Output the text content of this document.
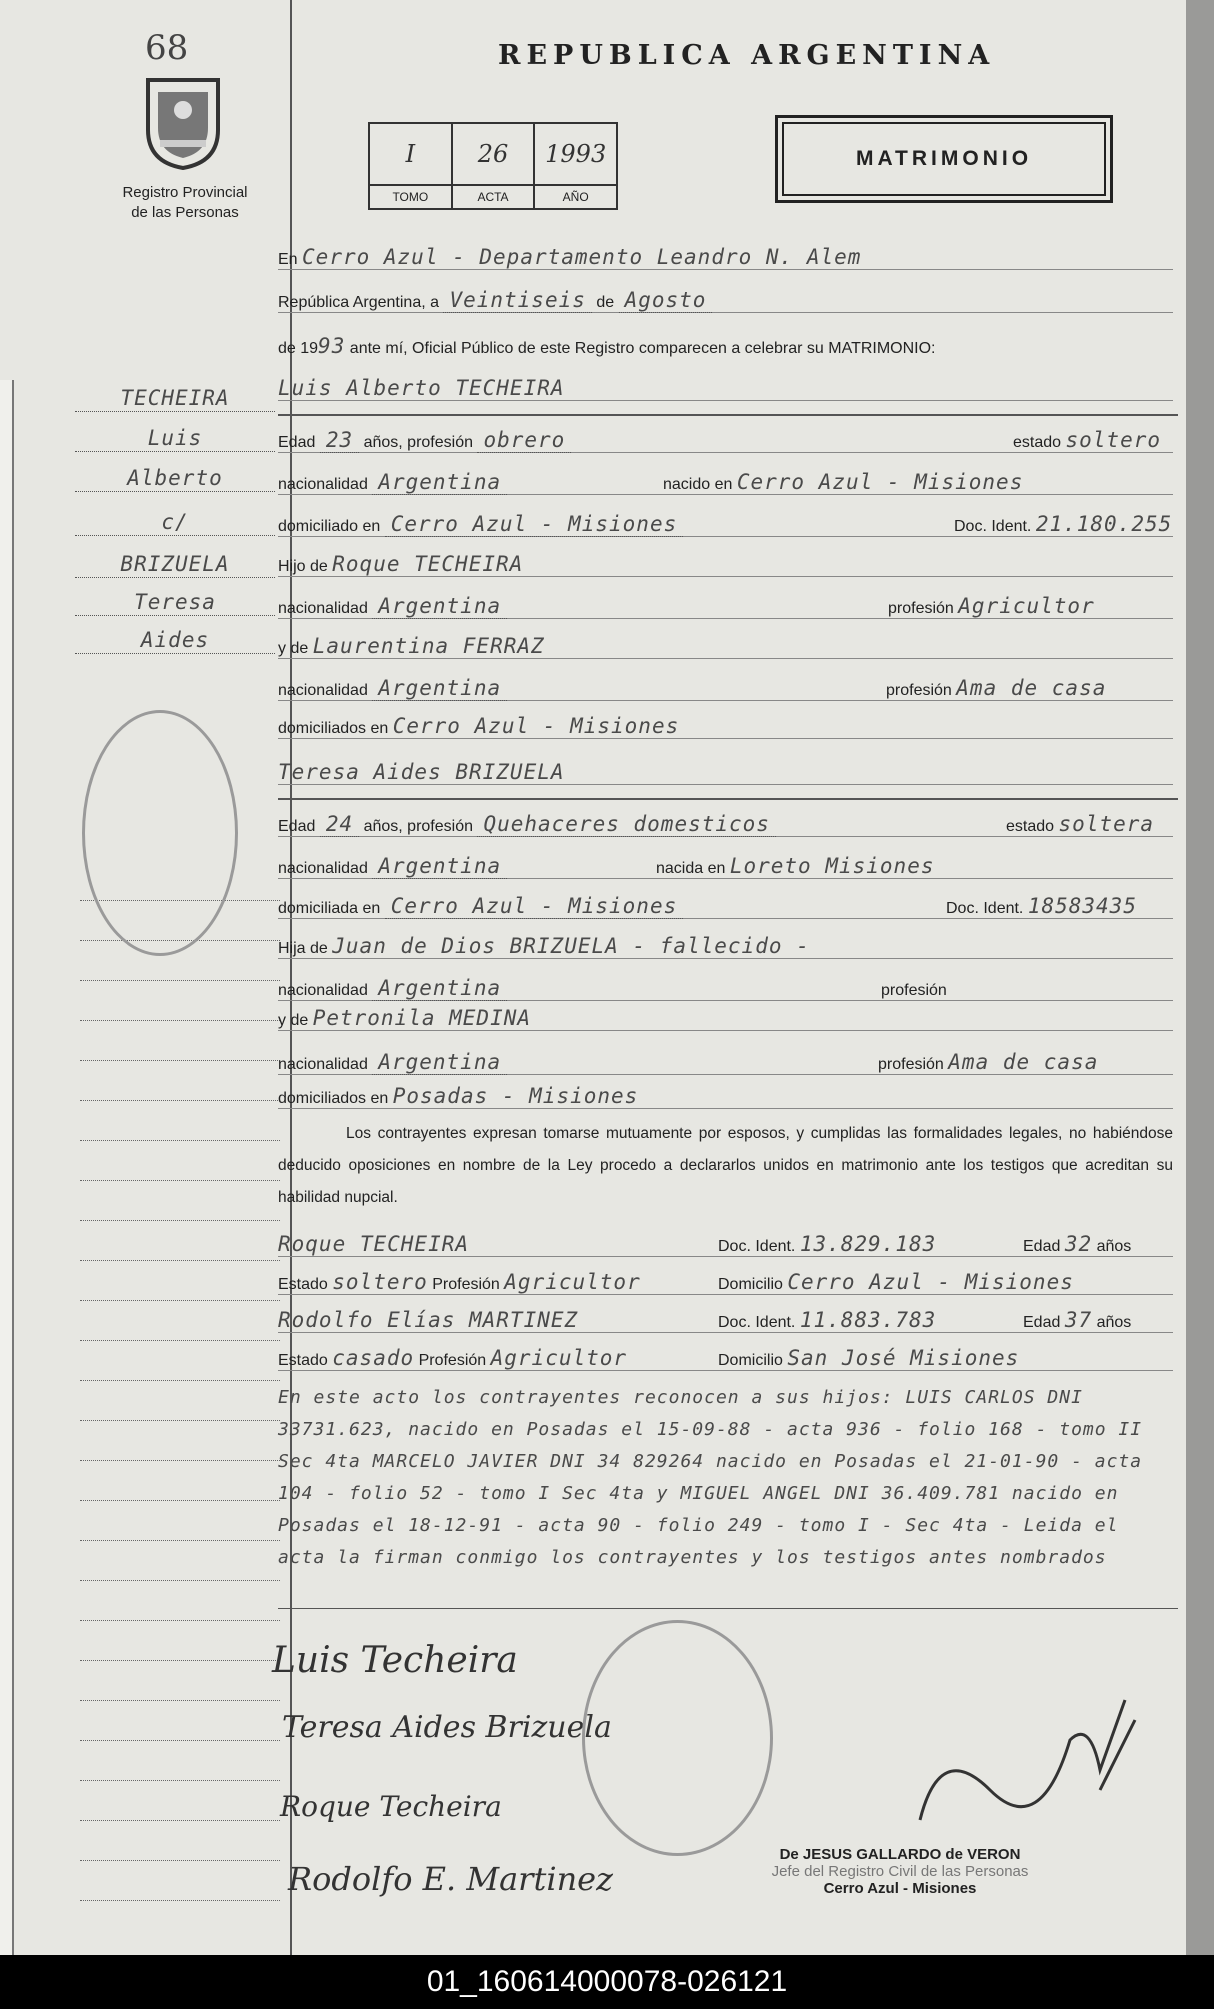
68
Registro Provincial
de las Personas
REPUBLICA ARGENTINA
I
TOMO
26
ACTA
1993
AÑO
MATRIMONIO
TECHEIRA
Luis
Alberto
c/
BRIZUELA
Teresa
Aides
En Cerro Azul - Departamento Leandro N. Alem
República Argentina, a Veintiseis de Agosto
de 1993 ante mí, Oficial Público de este Registro comparecen a celebrar su MATRIMONIO:
Luis Alberto TECHEIRA
Edad 23 años, profesión obrero	estado soltero
nacionalidad Argentina	nacido en Cerro Azul - Misiones
domiciliado en Cerro Azul - Misiones	Doc. Ident. 21.180.255
Hijo de Roque TECHEIRA
nacionalidad Argentina	profesión Agricultor
y de Laurentina FERRAZ
nacionalidad Argentina	profesión Ama de casa
domiciliados en Cerro Azul - Misiones
Teresa Aides BRIZUELA
Edad 24 años, profesión Quehaceres domesticos	estado soltera
nacionalidad Argentina	nacida en Loreto Misiones
domiciliada en Cerro Azul - Misiones	Doc. Ident. 18583435
Hija de Juan de Dios BRIZUELA - fallecido -
nacionalidad Argentina	profesión
y de Petronila MEDINA
nacionalidad Argentina	profesión Ama de casa
domiciliados en Posadas - Misiones
Los contrayentes expresan tomarse mutuamente por esposos, y cumplidas las formalidades legales, no habiéndose deducido oposiciones en nombre de la Ley procedo a declararlos unidos en matrimonio ante los testigos que acreditan su habilidad nupcial.
Roque TECHEIRA	Doc. Ident. 13.829.183	Edad 32 años
Estado soltero Profesión Agricultor	Domicilio Cerro Azul - Misiones
Rodolfo Elías MARTINEZ	Doc. Ident. 11.883.783	Edad 37 años
Estado casado Profesión Agricultor	Domicilio San José Misiones
En este acto los contrayentes reconocen a sus hijos: LUIS CARLOS DNI 33731.623, nacido en Posadas el 15-09-88 - acta 936 - folio 168 - tomo II Sec 4ta MARCELO JAVIER DNI 34 829264 nacido en Posadas el 21-01-90 - acta 104 - folio 52 - tomo I Sec 4ta y MIGUEL ANGEL DNI 36.409.781 nacido en Posadas el 18-12-91 - acta 90 - folio 249 - tomo I - Sec 4ta - Leida el acta la firman conmigo los contrayentes y los testigos antes nombrados
Luis Techeira
Teresa Aides Brizuela
Roque Techeira
Rodolfo E. Martinez
De JESUS GALLARDO de VERON
Jefe del Registro Civil de las Personas
Cerro Azul - Misiones
01_160614000078-026121
